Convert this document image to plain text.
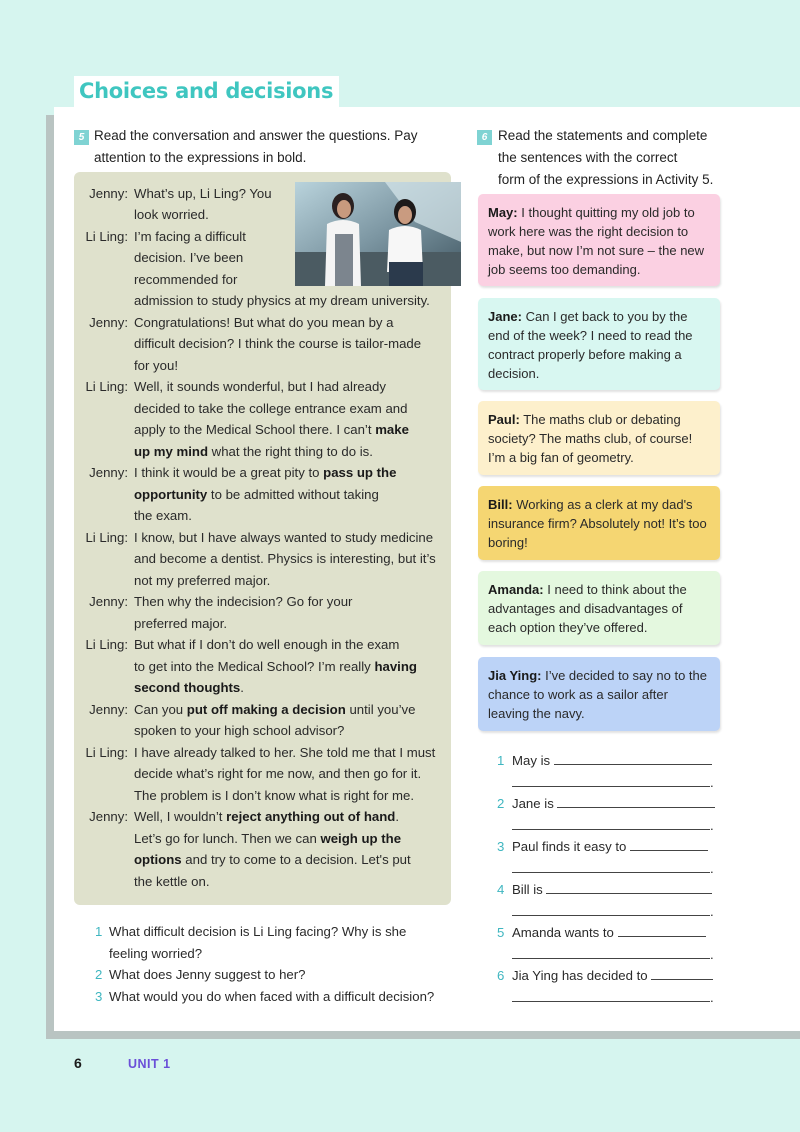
Choices and decisions
5 Read the conversation and answer the questions. Pay
attention to the expressions in bold.
6 Read the statements and complete
the sentences with the correct
form of the expressions in Activity 5.
Jenny: What’s up, Li Ling? You
look worried.
Li Ling: I’m facing a difficult
decision. I’ve been
recommended for
admission to study physics at my dream university.
Jenny: Congratulations! But what do you mean by a
difficult decision? I think the course is tailor-made
for you!
Li Ling: Well, it sounds wonderful, but I had already
decided to take the college entrance exam and
apply to the Medical School there. I can’t make
up my mind what the right thing to do is.
Jenny: I think it would be a great pity to pass up the
opportunity to be admitted without taking
the exam.
Li Ling: I know, but I have always wanted to study medicine
and become a dentist. Physics is interesting, but it’s
not my preferred major.
Jenny: Then why the indecision? Go for your
preferred major.
Li Ling: But what if I don’t do well enough in the exam
to get into the Medical School? I’m really having
second thoughts.
Jenny: Can you put off making a decision until you’ve
spoken to your high school advisor?
Li Ling: I have already talked to her. She told me that I must
decide what’s right for me now, and then go for it.
The problem is I don’t know what is right for me.
Jenny: Well, I wouldn’t reject anything out of hand.
Let’s go for lunch. Then we can weigh up the
options and try to come to a decision. Let's put
the kettle on.
1 What difficult decision is Li Ling facing? Why is she
feeling worried?
2 What does Jenny suggest to her?
3 What would you do when faced with a difficult decision?
May: I thought quitting my old job to work here was the right decision to make, but now I’m not sure – the new job seems too demanding.
Jane: Can I get back to you by the end of the week? I need to read the contract properly before making a decision.
Paul: The maths club or debating society? The maths club, of course! I’m a big fan of geometry.
Bill: Working as a clerk at my dad's insurance firm? Absolutely not! It’s too boring!
Amanda: I need to think about the advantages and disadvantages of each option they’ve offered.
Jia Ying: I’ve decided to say no to the chance to work as a sailor after leaving the navy.
1 May is
.
2 Jane is
.
3 Paul finds it easy to
.
4 Bill is
.
5 Amanda wants to
.
6 Jia Ying has decided to
.
6	UNIT 1
